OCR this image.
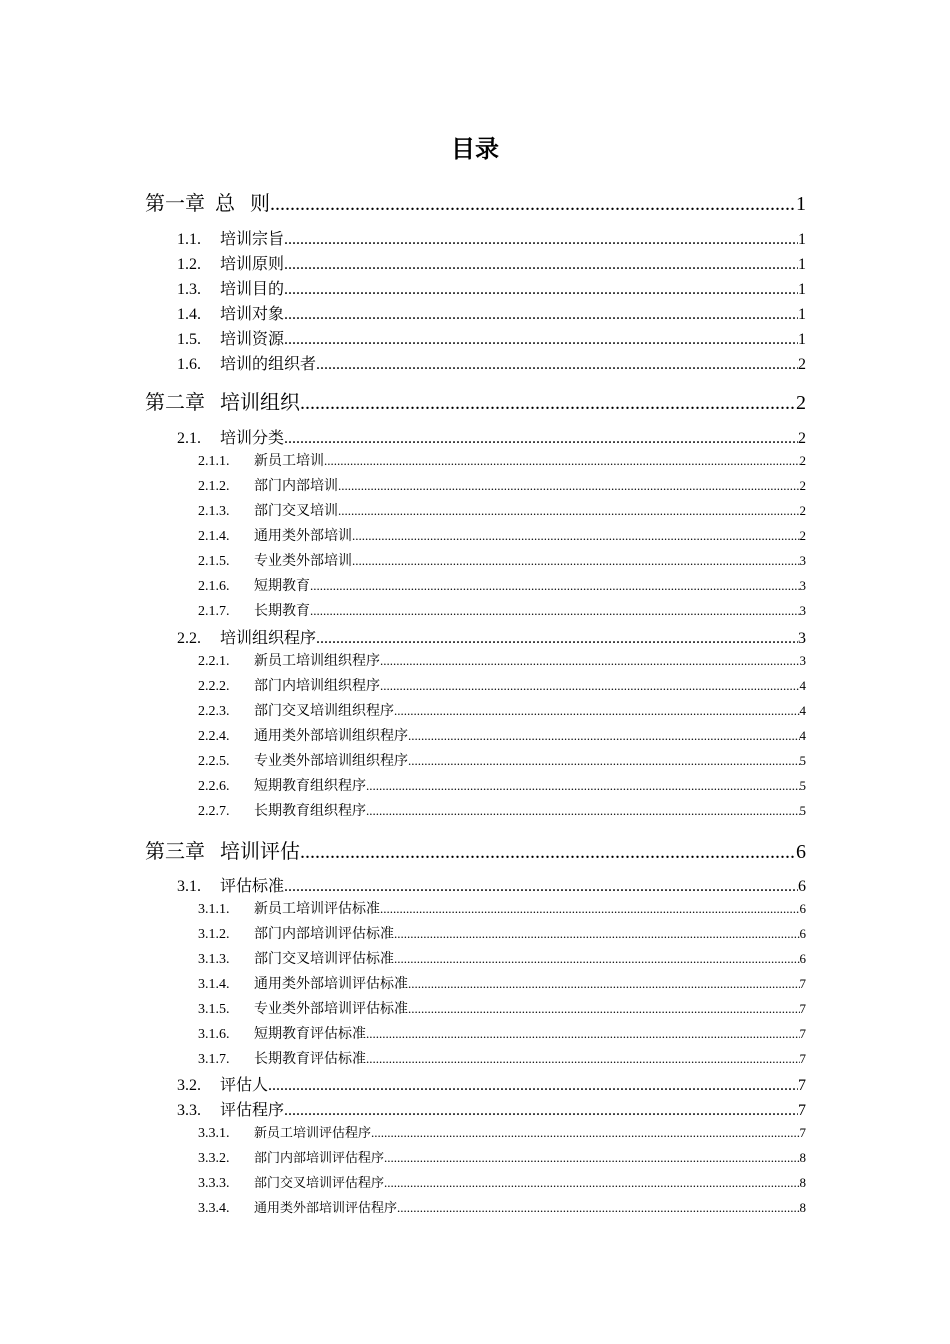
目录
第一章 总   则 .....	1
1.1.	培训宗旨 .....	1
1.2.	培训原则 .....	1
1.3.	培训目的 .....	1
1.4.	培训对象 .....	1
1.5.	培训资源 .....	1
1.6.	培训的组织者 .....	2
第二章 培训组织 .....	2
2.1.	培训分类 .....	2
2.1.1.	新员工培训 .....	2
2.1.2.	部门内部培训 .....	2
2.1.3.	部门交叉培训 .....	2
2.1.4.	通用类外部培训 .....	2
2.1.5.	专业类外部培训 .....	3
2.1.6.	短期教育 .....	3
2.1.7.	长期教育 .....	3
2.2.	培训组织程序 .....	3
2.2.1.	新员工培训组织程序 .....	3
2.2.2.	部门内培训组织程序 .....	4
2.2.3.	部门交叉培训组织程序 .....	4
2.2.4.	通用类外部培训组织程序 .....	4
2.2.5.	专业类外部培训组织程序 .....	5
2.2.6.	短期教育组织程序 .....	5
2.2.7.	长期教育组织程序 .....	5
第三章 培训评估 .....	6
3.1.	评估标准 .....	6
3.1.1.	新员工培训评估标准 .....	6
3.1.2.	部门内部培训评估标准 .....	6
3.1.3.	部门交叉培训评估标准 .....	6
3.1.4.	通用类外部培训评估标准 .....	7
3.1.5.	专业类外部培训评估标准 .....	7
3.1.6.	短期教育评估标准 .....	7
3.1.7.	长期教育评估标准 .....	7
3.2.	评估人 .....	7
3.3.	评估程序 .....	7
3.3.1.	新员工培训评估程序 .....	7
3.3.2.	部门内部培训评估程序 .....	8
3.3.3.	部门交叉培训评估程序 .....	8
3.3.4.	通用类外部培训评估程序 .....	8
